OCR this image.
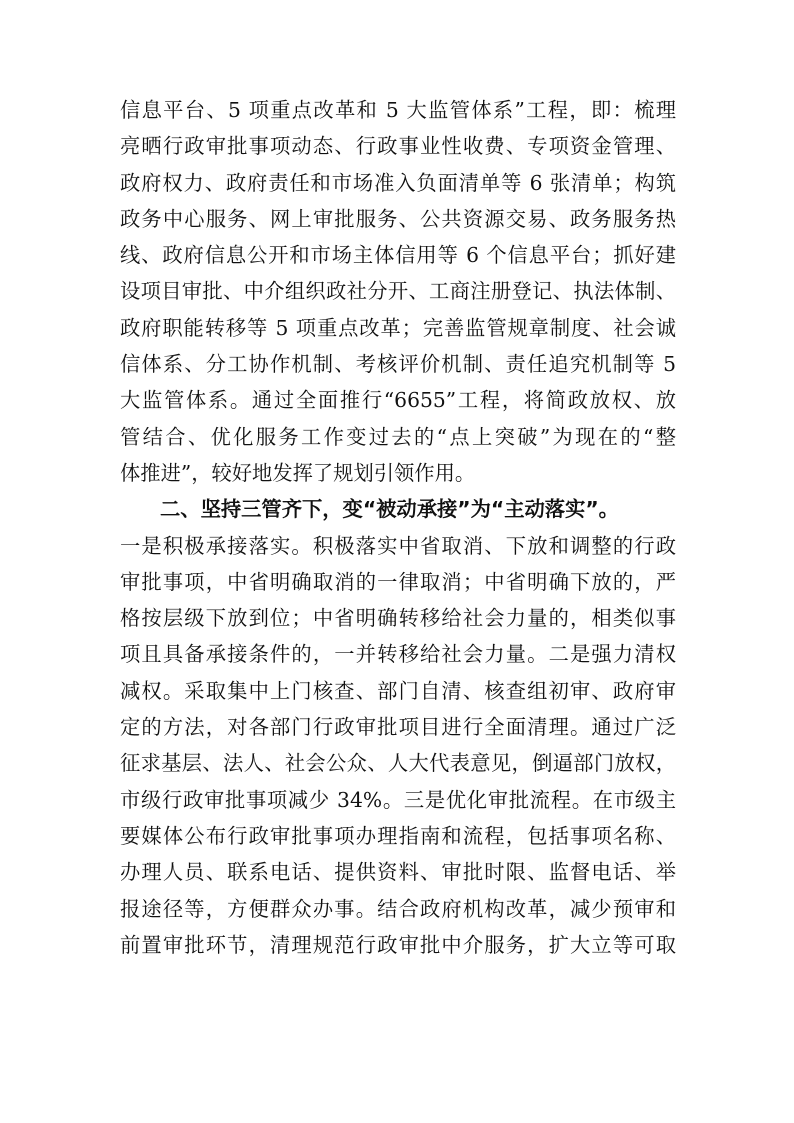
信息平台、5 项重点改革和 5 大监管体系”工程，即：梳理
亮晒行政审批事项动态、行政事业性收费、专项资金管理、
政府权力、政府责任和市场准入负面清单等 6 张清单；构筑
政务中心服务、网上审批服务、公共资源交易、政务服务热
线、政府信息公开和市场主体信用等 6 个信息平台；抓好建
设项目审批、中介组织政社分开、工商注册登记、执法体制、
政府职能转移等 5 项重点改革；完善监管规章制度、社会诚
信体系、分工协作机制、考核评价机制、责任追究机制等 5
大监管体系。通过全面推行“6655”工程，将简政放权、放
管结合、优化服务工作变过去的“点上突破”为现在的“整
体推进”，较好地发挥了规划引领作用。
二、坚持三管齐下，变“被动承接”为“主动落实”。
一是积极承接落实。积极落实中省取消、下放和调整的行政
审批事项，中省明确取消的一律取消；中省明确下放的，严
格按层级下放到位；中省明确转移给社会力量的，相类似事
项且具备承接条件的，一并转移给社会力量。二是强力清权
减权。采取集中上门核查、部门自清、核查组初审、政府审
定的方法，对各部门行政审批项目进行全面清理。通过广泛
征求基层、法人、社会公众、人大代表意见，倒逼部门放权，
市级行政审批事项减少 34%。三是优化审批流程。在市级主
要媒体公布行政审批事项办理指南和流程，包括事项名称、
办理人员、联系电话、提供资料、审批时限、监督电话、举
报途径等，方便群众办事。结合政府机构改革，减少预审和
前置审批环节，清理规范行政审批中介服务，扩大立等可取
